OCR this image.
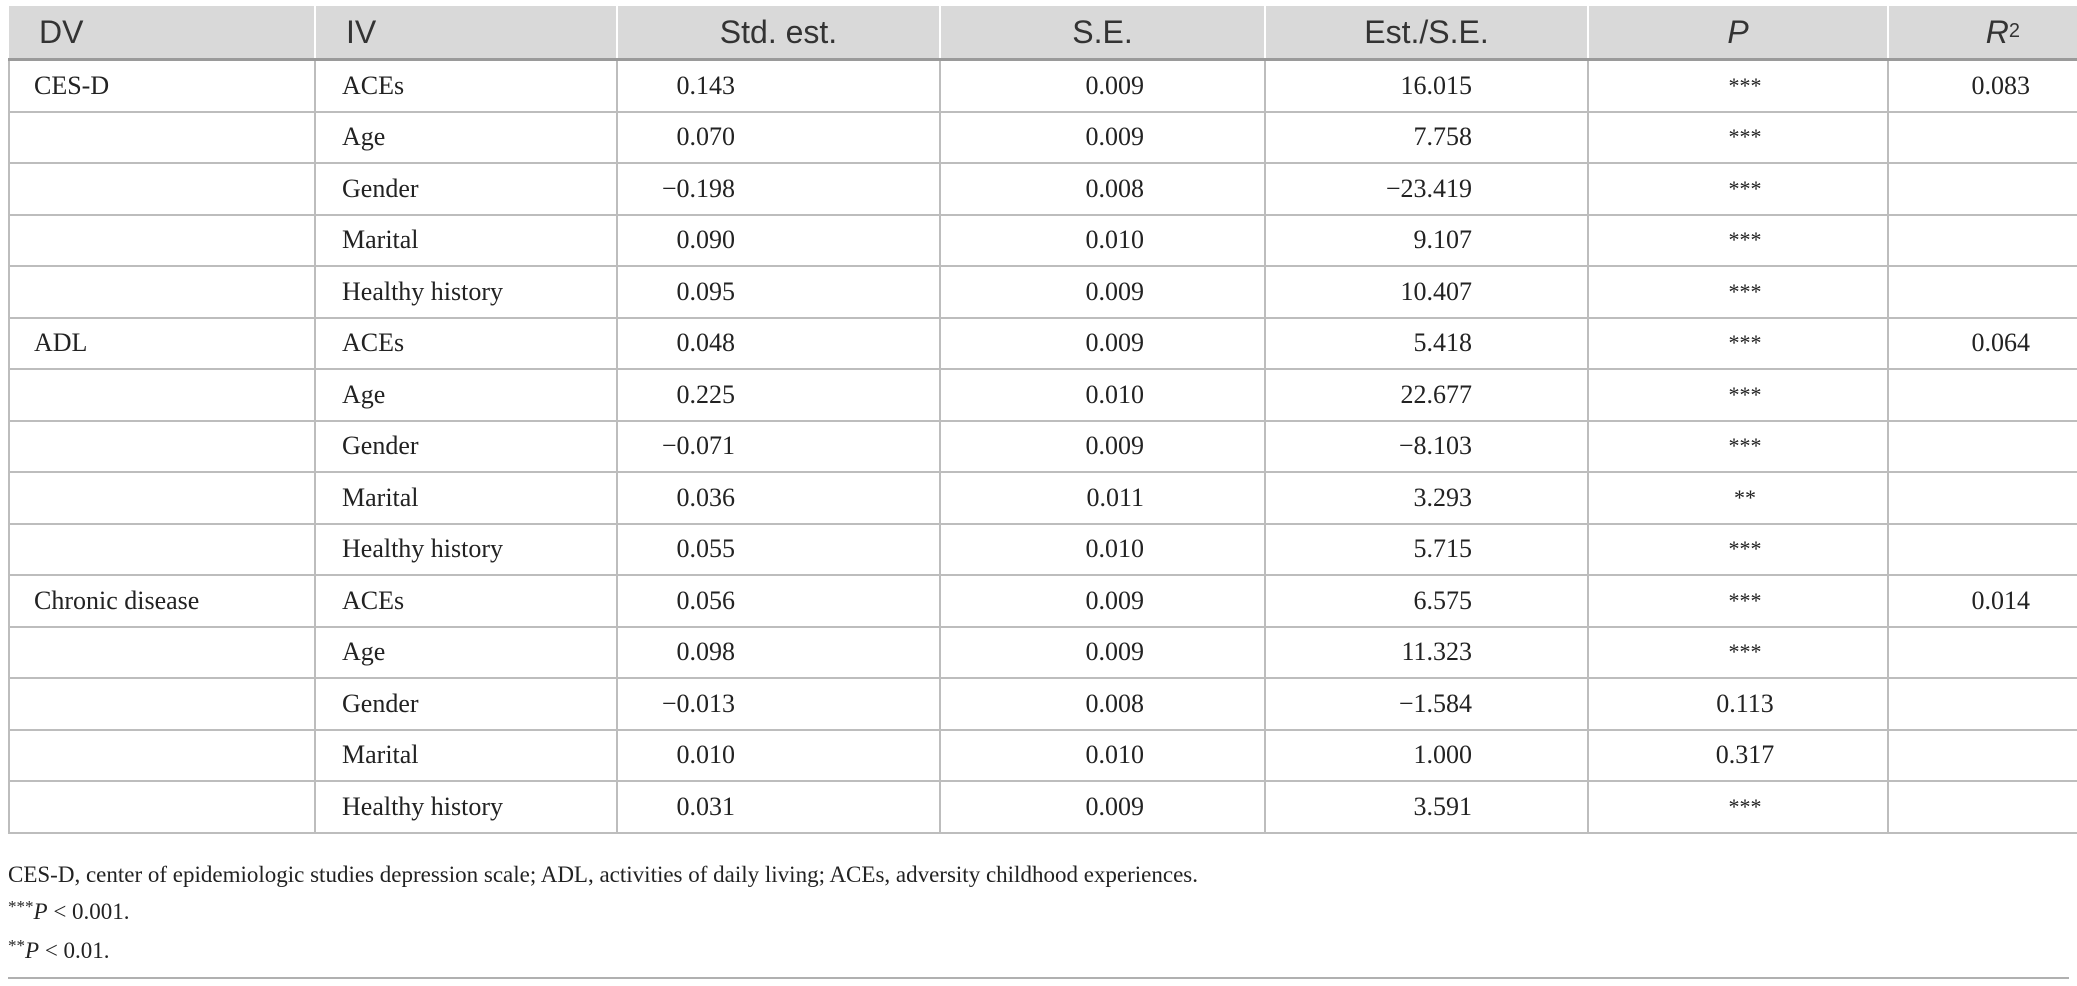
DV	IV	Std. est.	S.E.	Est./S.E.	P	$R^2$
CES-D	ACEs	0.143	0.009	16.015	***	0.083
	Age	0.070	0.009	7.758	***	
	Gender	−0.198	0.008	−23.419	***	
	Marital	0.090	0.010	9.107	***	
	Healthy history	0.095	0.009	10.407	***	
ADL	ACEs	0.048	0.009	5.418	***	0.064
	Age	0.225	0.010	22.677	***	
	Gender	−0.071	0.009	−8.103	***	
	Marital	0.036	0.011	3.293	**	
	Healthy history	0.055	0.010	5.715	***	
Chronic disease	ACEs	0.056	0.009	6.575	***	0.014
	Age	0.098	0.009	11.323	***	
	Gender	−0.013	0.008	−1.584	0.113	
	Marital	0.010	0.010	1.000	0.317	
	Healthy history	0.031	0.009	3.591	***	
CES-D, center of epidemiologic studies depression scale; ADL, activities of daily living; ACEs, adversity childhood experiences.
***P < 0.001.
**P < 0.01.
